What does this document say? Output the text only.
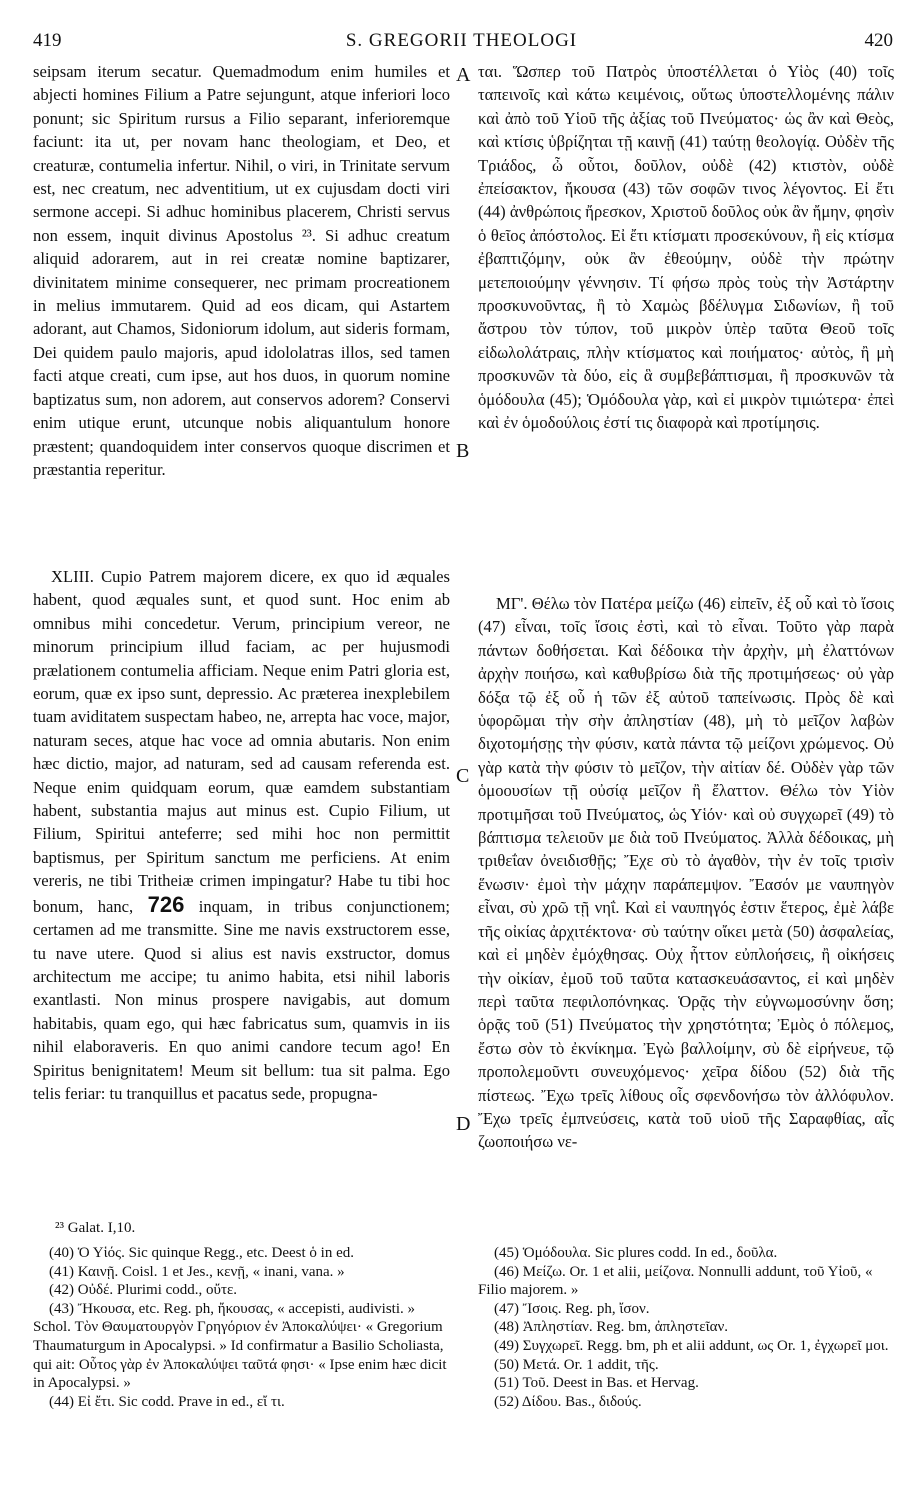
419	S. GREGORII THEOLOGI	420

seipsam iterum secatur. Quemadmodum enim humiles et abjecti homines Filium a Patre sejungunt, atque inferiori loco ponunt; sic Spiritum rursus a Filio separant, inferioremque faciunt: ita ut, per novam hanc theologiam, et Deo, et creaturæ, contumelia infertur. Nihil, o viri, in Trinitate servum est, nec creatum, nec adventitium, ut ex cujusdam docti viri sermone accepi. Si adhuc hominibus placerem, Christi servus non essem, inquit divinus Apostolus ²³. Si adhuc creatum aliquid adorarem, aut in rei creatæ nomine baptizarer, divinitatem minime consequerer, nec primam procreationem in melius immutarem. Quid ad eos dicam, qui Astartem adorant, aut Chamos, Sidoniorum idolum, aut sideris formam, Dei quidem paulo majoris, apud idololatras illos, sed tamen facti atque creati, cum ipse, aut hos duos, in quorum nomine baptizatus sum, non adorem, aut conservos adorem? Conservi enim utique erunt, utcunque nobis aliquantulum honore præstent; quandoquidem inter conservos quoque discrimen et præstantia reperitur.

XLIII. Cupio Patrem majorem dicere, ex quo id æquales habent, quod æquales sunt, et quod sunt. Hoc enim ab omnibus mihi concedetur. Verum, principium vereor, ne minorum principium illud faciam, ac per hujusmodi prælationem contumelia afficiam. Neque enim Patri gloria est, eorum, quæ ex ipso sunt, depressio. Ac præterea inexplebilem tuam aviditatem suspectam habeo, ne, arrepta hac voce, major, naturam seces, atque hac voce ad omnia abutaris. Non enim hæc dictio, major, ad naturam, sed ad causam referenda est. Neque enim quidquam eorum, quæ eamdem substantiam habent, substantia majus aut minus est. Cupio Filium, ut Filium, Spiritui anteferre; sed mihi hoc non permittit baptismus, per Spiritum sanctum me perficiens. At enim vereris, ne tibi Tritheiæ crimen impingatur? Habe tu tibi hoc bonum, hanc, 726 inquam, in tribus conjunctionem; certamen ad me transmitte. Sine me navis exstructorem esse, tu nave utere. Quod si alius est navis exstructor, domus architectum me accipe; tu animo habita, etsi nihil laboris exantlasti. Non minus prospere navigabis, aut domum habitabis, quam ego, qui hæc fabricatus sum, quamvis in iis nihil elaboraveris. En quo animi candore tecum ago! En Spiritus benignitatem! Meum sit bellum: tua sit palma. Ego telis feriar: tu tranquillus et pacatus sede, propugna-

ται. Ὥσπερ τοῦ Πατρὸς ὑποστέλλεται ὁ Υἱὸς (40) τοῖς ταπεινοῖς καὶ κάτω κειμένοις, οὕτως ὑποστελλομένης πάλιν καὶ ἀπὸ τοῦ Υἱοῦ τῆς ἀξίας τοῦ Πνεύματος· ὡς ἂν καὶ Θεὸς, καὶ κτίσις ὑβρίζηται τῇ καινῇ (41) ταύτῃ θεολογίᾳ. Οὐδὲν τῆς Τριάδος, ὦ οὗτοι, δοῦλον, οὐδὲ (42) κτιστὸν, οὐδὲ ἐπείσακτον, ἤκουσα (43) τῶν σοφῶν τινος λέγοντος. Εἰ ἔτι (44) ἀνθρώποις ἤρεσκον, Χριστοῦ δοῦλος οὐκ ἂν ἤμην, φησὶν ὁ θεῖος ἀπόστολος. Εἰ ἔτι κτίσματι προσεκύνουν, ἢ εἰς κτίσμα ἐβαπτιζόμην, οὐκ ἂν ἐθεούμην, οὐδὲ τὴν πρώτην μετεποιούμην γέννησιν. Τί φήσω πρὸς τοὺς τὴν Ἀστάρτην προσκυνοῦντας, ἢ τὸ Χαμὼς βδέλυγμα Σιδωνίων, ἢ τοῦ ἄστρου τὸν τύπον, τοῦ μικρὸν ὑπὲρ ταῦτα Θεοῦ τοῖς εἰδωλολάτραις, πλὴν κτίσματος καὶ ποιήματος· αὐτὸς, ἢ μὴ προσκυνῶν τὰ δύο, εἰς ἃ συμβεβάπτισμαι, ἢ προσκυνῶν τὰ ὁμόδουλα (45); Ὁμόδουλα γὰρ, καὶ εἰ μικρὸν τιμιώτερα· ἐπεὶ καὶ ἐν ὁμοδούλοις ἐστί τις διαφορὰ καὶ προτίμησις.

ΜΓ'. Θέλω τὸν Πατέρα μείζω (46) εἰπεῖν, ἐξ οὗ καὶ τὸ ἴσοις (47) εἶναι, τοῖς ἴσοις ἐστὶ, καὶ τὸ εἶναι. Τοῦτο γὰρ παρὰ πάντων δοθήσεται. Καὶ δέδοικα τὴν ἀρχὴν, μὴ ἐλαττόνων ἀρχὴν ποιήσω, καὶ καθυβρίσω διὰ τῆς προτιμήσεως· οὐ γὰρ δόξα τῷ ἐξ οὗ ἡ τῶν ἐξ αὐτοῦ ταπείνωσις. Πρὸς δὲ καὶ ὑφορῶμαι τὴν σὴν ἀπληστίαν (48), μὴ τὸ μεῖζον λαβὼν διχοτομήσῃς τὴν φύσιν, κατὰ πάντα τῷ μείζονι χρώμενος. Οὐ γὰρ κατὰ τὴν φύσιν τὸ μεῖζον, τὴν αἰτίαν δέ. Οὐδὲν γὰρ τῶν ὁμοουσίων τῇ οὐσίᾳ μεῖζον ἢ ἔλαττον. Θέλω τὸν Υἱὸν προτιμῆσαι τοῦ Πνεύματος, ὡς Υἱόν· καὶ οὐ συγχωρεῖ (49) τὸ βάπτισμα τελειοῦν με διὰ τοῦ Πνεύματος. Ἀλλὰ δέδοικας, μὴ τριθεΐαν ὀνειδισθῇς; Ἔχε σὺ τὸ ἀγαθὸν, τὴν ἐν τοῖς τρισὶν ἕνωσιν· ἐμοὶ τὴν μάχην παράπεμψον. Ἔασόν με ναυπηγὸν εἶναι, σὺ χρῶ τῇ νηΐ. Καὶ εἰ ναυπηγός ἐστιν ἕτερος, ἐμὲ λάβε τῆς οἰκίας ἀρχιτέκτονα· σὺ ταύτην οἴκει μετὰ (50) ἀσφαλείας, καὶ εἰ μηδὲν ἐμόχθησας. Οὐχ ἧττον εὐπλοήσεις, ἢ οἰκήσεις τὴν οἰκίαν, ἐμοῦ τοῦ ταῦτα κατασκευάσαντος, εἰ καὶ μηδὲν περὶ ταῦτα πεφιλοπόνηκας. Ὁρᾷς τὴν εὐγνωμοσύνην ὅση; ὁρᾷς τοῦ (51) Πνεύματος τὴν χρηστότητα; Ἐμὸς ὁ πόλεμος, ἔστω σὸν τὸ ἐκνίκημα. Ἐγὼ βαλλοίμην, σὺ δὲ εἰρήνευε, τῷ προπολεμοῦντι συνευχόμενος· χεῖρα δίδου (52) διὰ τῆς πίστεως. Ἔχω τρεῖς λίθους οἷς σφενδονήσω τὸν ἀλλόφυλον. Ἔχω τρεῖς ἐμπνεύσεις, κατὰ τοῦ υἱοῦ τῆς Σαραφθίας, αἷς ζωοποιήσω νε-

A
B
C
D
²³ Galat. I,10.
(40) Ὁ Υἱός. Sic quinque Regg., etc. Deest ὁ in ed.
(41) Καινῇ. Coisl. 1 et Jes., κενῇ, « inani, vana. »
(42) Οὐδέ. Plurimi codd., οὔτε.
(43) Ἤκουσα, etc. Reg. ph, ἤκουσας, « accepisti, audivisti. » Schol. Τὸν Θαυματουργὸν Γρηγόριον ἐν Ἀποκαλύψει· « Gregorium Thaumaturgum in Apocalypsi. » Id confirmatur a Basilio Scholiasta, qui ait: Οὗτος γὰρ ἐν Ἀποκαλύψει ταῦτά φησι· « Ipse enim hæc dicit in Apocalypsi. »
(44) Εἰ ἔτι. Sic codd. Prave in ed., εἴ τι.
(45) Ὁμόδουλα. Sic plures codd. In ed., δοῦλα.
(46) Μείζω. Or. 1 et alii, μείζονα. Nonnulli addunt, τοῦ Υἱοῦ, « Filio majorem. »
(47) Ἴσοις. Reg. ph, ἴσον.
(48) Ἀπληστίαν. Reg. bm, ἀπληστεῖαν.
(49) Συγχωρεῖ. Regg. bm, ph et alii addunt, ως Or. 1, ἐγχωρεῖ μοι.
(50) Μετά. Or. 1 addit, τῆς.
(51) Τοῦ. Deest in Bas. et Hervag.
(52) Δίδου. Bas., διδούς.
